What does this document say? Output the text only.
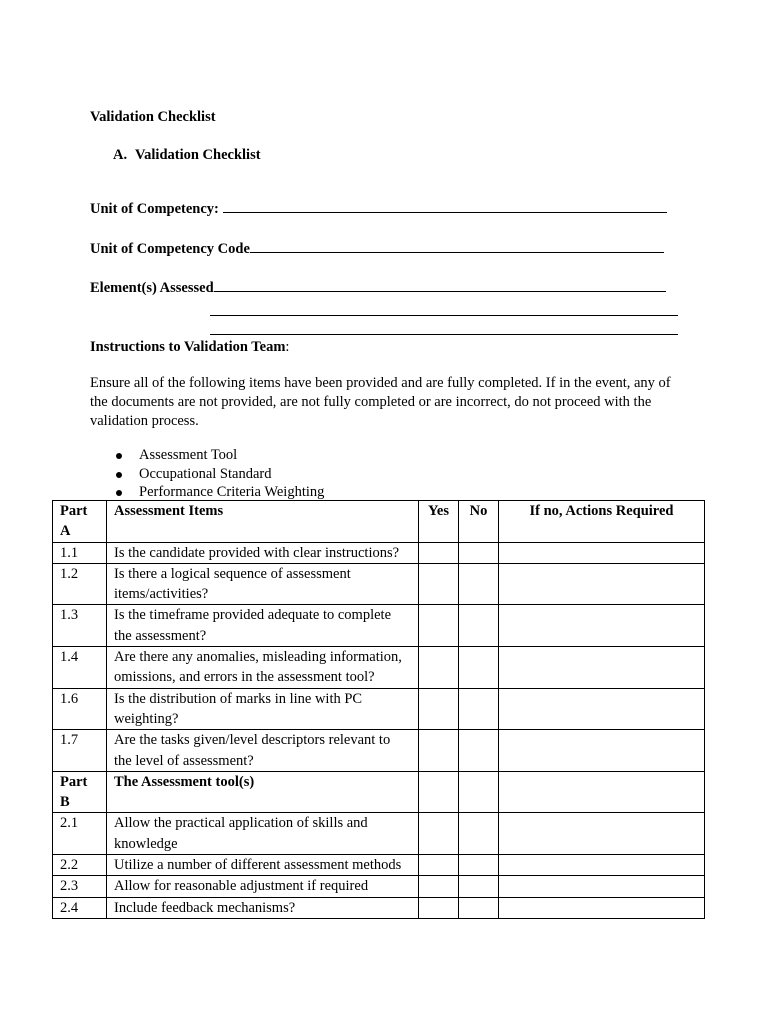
Validation Checklist
A. Validation Checklist
Unit of Competency:
Unit of Competency Code
Element(s) Assessed
Instructions to Validation Team:
Ensure all of the following items have been provided and are fully completed. If in the event, any of the documents are not provided, are not fully completed or are incorrect, do not proceed with the validation process.
Assessment Tool
Occupational Standard
Performance Criteria Weighting
Part A	Assessment Items	Yes	No	If no, Actions Required
1.1	Is the candidate provided with clear instructions?			
1.2	Is there a logical sequence of assessment items/activities?			
1.3	Is the timeframe provided adequate to complete the assessment?			
1.4	Are there any anomalies, misleading information, omissions, and errors in the assessment tool?			
1.6	Is the distribution of marks in line with PC weighting?			
1.7	Are the tasks given/level descriptors relevant to the level of assessment?			
Part B	The Assessment tool(s)			
2.1	Allow the practical application of skills and knowledge			
2.2	Utilize a number of different assessment methods			
2.3	Allow for reasonable adjustment if required			
2.4	Include feedback mechanisms?			
